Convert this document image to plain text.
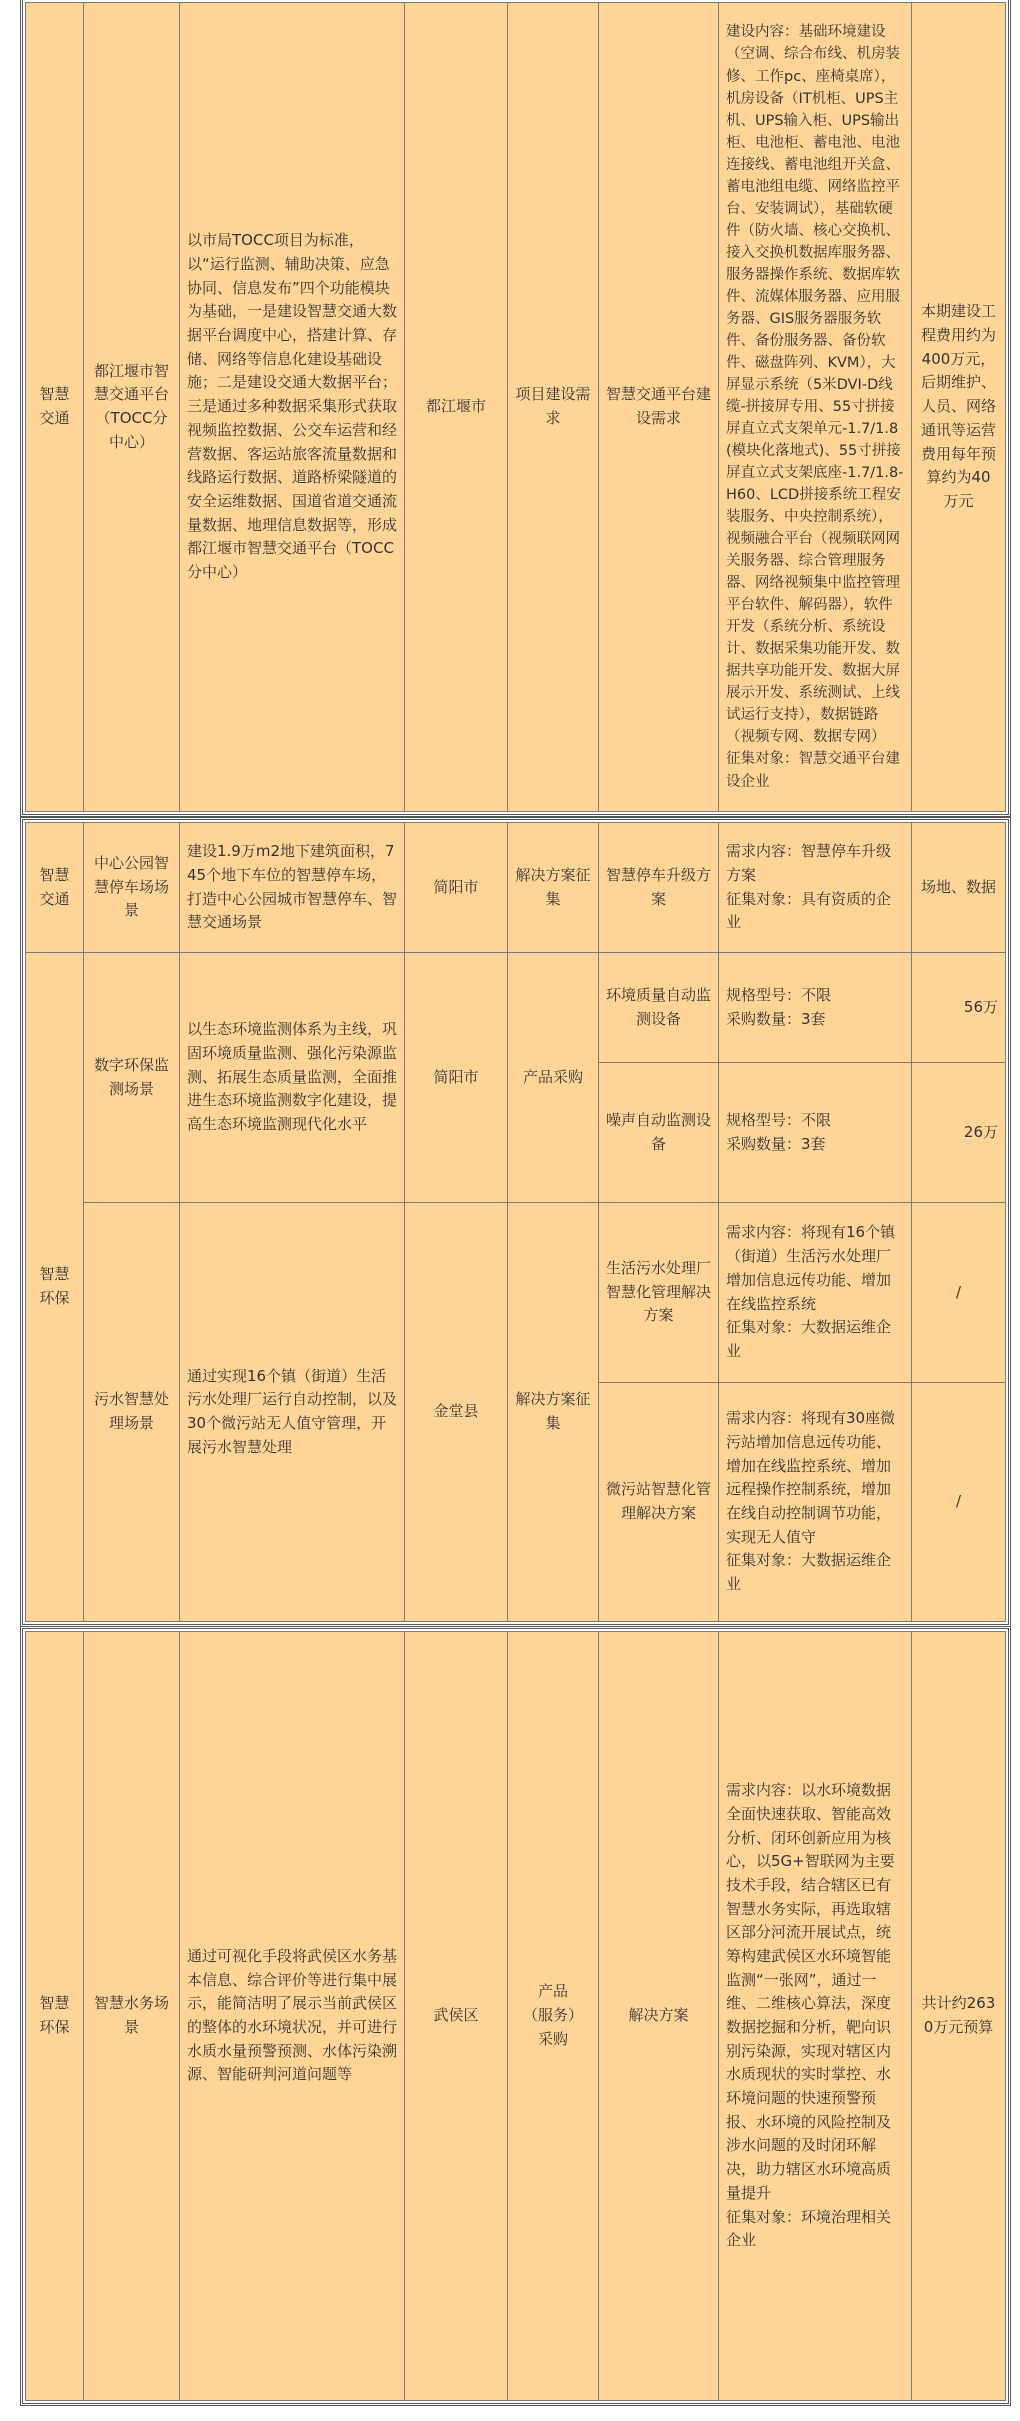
智慧
交通	都江堰市智慧交通平台（TOCC分中心）	以市局TOCC项目为标准，以“运行监测、辅助决策、应急协同、信息发布”四个功能模块为基础，一是建设智慧交通大数据平台调度中心，搭建计算、存储、网络等信息化建设基础设施；二是建设交通大数据平台；三是通过多种数据采集形式获取视频监控数据、公交车运营和经营数据、客运站旅客流量数据和线路运行数据、道路桥梁隧道的安全运维数据、国道省道交通流量数据、地理信息数据等，形成都江堰市智慧交通平台（TOCC分中心）	都江堰市	项目建设需求	智慧交通平台建设需求	建设内容：基础环境建设（空调、综合布线、机房装修、工作pc、座椅桌席），机房设备（IT机柜、UPS主机、UPS输入柜、UPS输出柜、电池柜、蓄电池、电池连接线、蓄电池组开关盒、蓄电池组电缆、网络监控平台、安装调试），基础软硬件（防火墙、核心交换机、接入交换机数据库服务器、服务器操作系统、数据库软件、流媒体服务器、应用服务器、GIS服务器服务软件、备份服务器、备份软件、磁盘阵列、KVM），大屏显示系统（5米DVI-D线缆-拼接屏专用、55寸拼接屏直立式支架单元-1.7/1.8(模块化落地式)、55寸拼接屏直立式支架底座-1.7/1.8-H60、LCD拼接系统工程安装服务、中央控制系统），视频融合平台（视频联网网关服务器、综合管理服务器、网络视频集中监控管理平台软件、解码器），软件开发（系统分析、系统设计、数据采集功能开发、数据共享功能开发、数据大屏展示开发、系统测试、上线试运行支持），数据链路（视频专网、数据专网）
征集对象：智慧交通平台建设企业	本期建设工程费用约为400万元，后期维护、人员、网络通讯等运营费用每年预算约为40万元
智慧
交通	中心公园智慧停车场场景	建设1.9万m2地下建筑面积，745个地下车位的智慧停车场，打造中心公园城市智慧停车、智慧交通场景	简阳市	解决方案征集	智慧停车升级方案	需求内容：智慧停车升级方案
征集对象：具有资质的企业	场地、数据
智慧
环保	数字环保监测场景	以生态环境监测体系为主线，巩固环境质量监测、强化污染源监测、拓展生态质量监测，全面推进生态环境监测数字化建设，提高生态环境监测现代化水平	简阳市	产品采购	环境质量自动监测设备	规格型号：不限
采购数量：3套	56万
					噪声自动监测设备	规格型号：不限
采购数量：3套	26万
	污水智慧处理场景	通过实现16个镇（街道）生活污水处理厂运行自动控制，以及30个微污站无人值守管理，开展污水智慧处理	金堂县	解决方案征集	生活污水处理厂智慧化管理解决方案	需求内容：将现有16个镇（街道）生活污水处理厂增加信息远传功能、增加在线监控系统
征集对象：大数据运维企业	/
					微污站智慧化管理解决方案	需求内容：将现有30座微污站增加信息远传功能、增加在线监控系统、增加远程操作控制系统，增加在线自动控制调节功能，实现无人值守
征集对象：大数据运维企业	/
智慧
环保	智慧水务场景	通过可视化手段将武侯区水务基本信息、综合评价等进行集中展示，能简洁明了展示当前武侯区的整体的水环境状况，并可进行水质水量预警预测、水体污染溯源、智能研判河道问题等	武侯区	产品
（服务）
采购	解决方案	需求内容：以水环境数据全面快速获取、智能高效分析、闭环创新应用为核心，以5G+智联网为主要技术手段，结合辖区已有智慧水务实际，再选取辖区部分河流开展试点，统筹构建武侯区水环境智能监测“一张网”，通过一维、二维核心算法，深度数据挖掘和分析，靶向识别污染源，实现对辖区内水质现状的实时掌控、水环境问题的快速预警预报、水环境的风险控制及涉水问题的及时闭环解决，助力辖区水环境高质量提升
征集对象：环境治理相关企业	共计约2630万元预算
